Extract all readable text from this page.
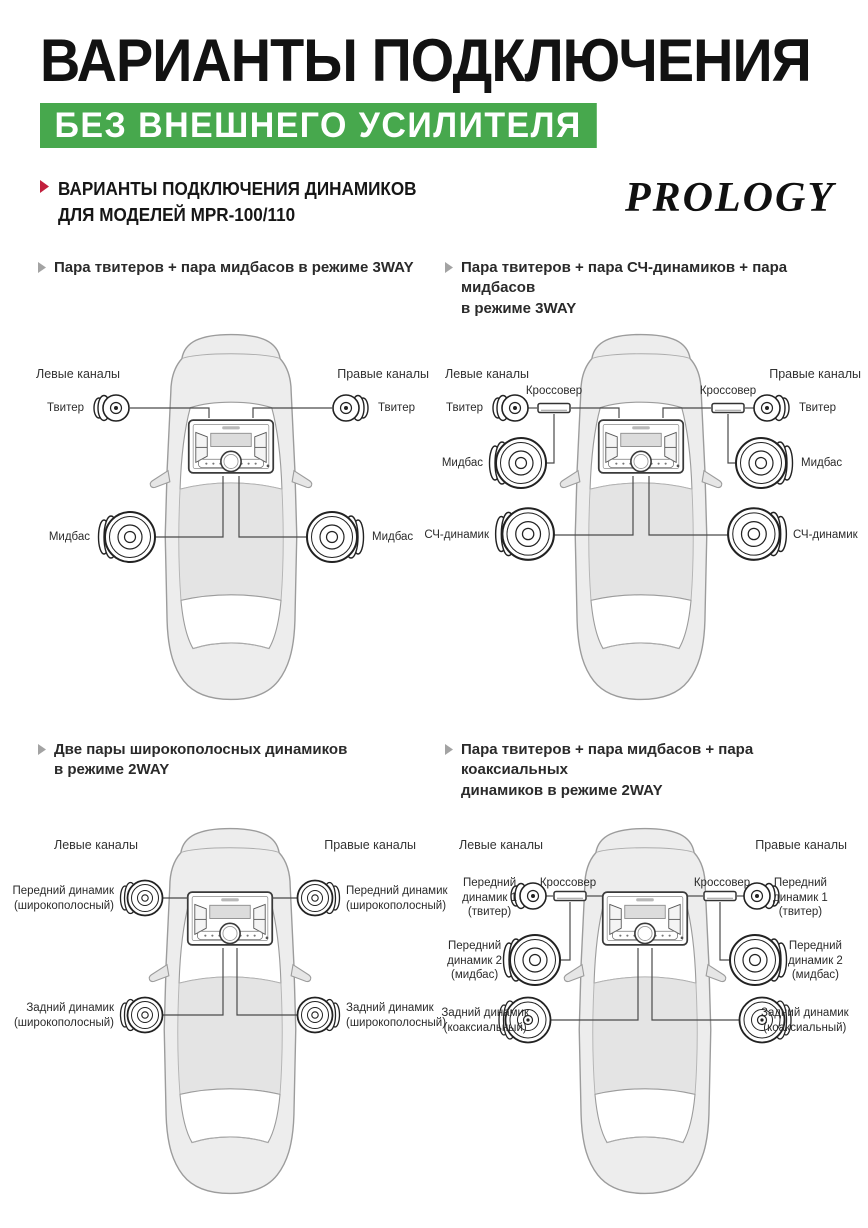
ВАРИАНТЫ ПОДКЛЮЧЕНИЯ
БЕЗ ВНЕШНЕГО УСИЛИТЕЛЯ
ВАРИАНТЫ ПОДКЛЮЧЕНИЯ ДИНАМИКОВ
ДЛЯ МОДЕЛЕЙ MPR-100/110	PROLOGY
Пара твитеров + пара мидбасов в режиме 3WAY	Пара твитеров + пара СЧ-динамиков + пара мидбасов
в режиме 3WAY
Две пары широкополосных динамиков
в режиме 2WAY
Пара твитеров + пара мидбасов + пара коаксиальных
динамиков в режиме 2WAY
Левые каналы	Правые каналы
Твитер	Твитер
Мидбас	Мидбас
Левые каналы	Правые каналы
Твитер	Твитер
Кроссовер	Кроссовер
Мидбас	Мидбас
СЧ-динамик	СЧ-динамик
Левые каналы	Правые каналы
Передний динамик
(широкополосный)
Передний динамик
(широкополосный)
Задний динамик
(широкополосный)
Задний динамик
(широкополосный)
Левые каналы	Правые каналы
Передний
динамик 1
(твитер)
Передний
динамик 1
(твитер)
Кроссовер	Кроссовер
Передний
динамик 2
(мидбас)
Передний
динамик 2
(мидбас)
Задний динамик
(коаксиальный)
Задний динамик
(коаксиальный)
